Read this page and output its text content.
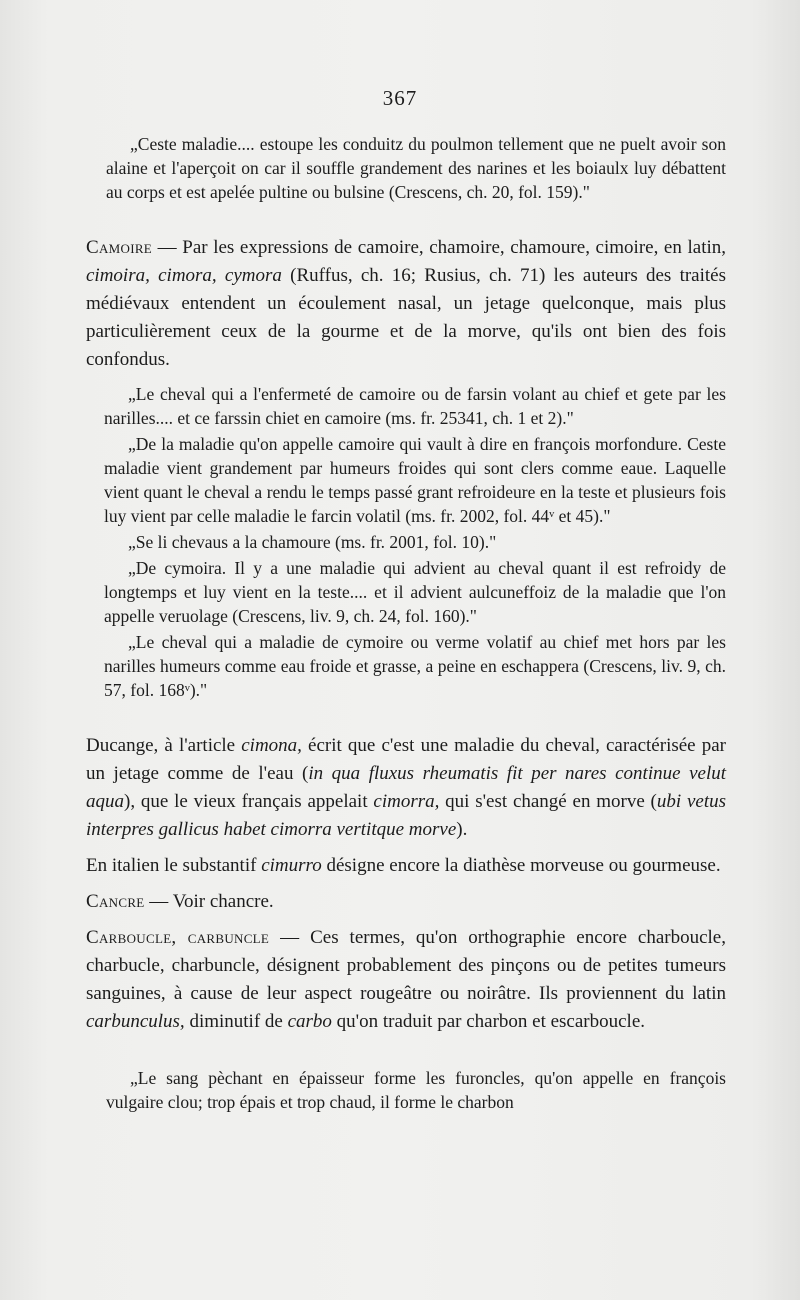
367

„Ceste maladie.... estoupe les conduitz du poulmon tellement que ne puelt avoir son alaine et l'aperçoit on car il souffle grandement des narines et les boiaulx luy débattent au corps et est apelée pultine ou bulsine (Crescens, ch. 20, fol. 159)."

Camoire — Par les expressions de camoire, chamoire, chamoure, cimoire, en latin, cimoira, cimora, cymora (Ruffus, ch. 16; Rusius, ch. 71) les auteurs des traités médiévaux entendent un écoulement nasal, un jetage quelconque, mais plus particulièrement ceux de la gourme et de la morve, qu'ils ont bien des fois confondus.

„Le cheval qui a l'enfermeté de camoire ou de farsin volant au chief et gete par les narilles.... et ce farssin chiet en camoire (ms. fr. 25341, ch. 1 et 2)."

„De la maladie qu'on appelle camoire qui vault à dire en françois morfondure. Ceste maladie vient grandement par humeurs froides qui sont clers comme eaue. Laquelle vient quant le cheval a rendu le temps passé grant refroideure en la teste et plusieurs fois luy vient par celle maladie le farcin volatil (ms. fr. 2002, fol. 44ᵛ et 45)."

„Se li chevaus a la chamoure (ms. fr. 2001, fol. 10)."

„De cymoira. Il y a une maladie qui advient au cheval quant il est refroidy de longtemps et luy vient en la teste.... et il advient aulcuneffoiz de la maladie que l'on appelle veruolage (Crescens, liv. 9, ch. 24, fol. 160)."

„Le cheval qui a maladie de cymoire ou verme volatif au chief met hors par les narilles humeurs comme eau froide et grasse, a peine en eschappera (Crescens, liv. 9, ch. 57, fol. 168ᵛ)."

Ducange, à l'article cimona, écrit que c'est une maladie du cheval, caractérisée par un jetage comme de l'eau (in qua fluxus rheumatis fit per nares continue velut aqua), que le vieux français appelait cimorra, qui s'est changé en morve (ubi vetus interpres gallicus habet cimorra vertitque morve).

En italien le substantif cimurro désigne encore la diathèse morveuse ou gourmeuse.

Cancre — Voir chancre.

Carboucle, carbuncle — Ces termes, qu'on orthographie encore charboucle, charbucle, charbuncle, désignent probablement des pinçons ou de petites tumeurs sanguines, à cause de leur aspect rougeâtre ou noirâtre. Ils proviennent du latin carbunculus, diminutif de carbo qu'on traduit par charbon et escarboucle.

„Le sang pèchant en épaisseur forme les furoncles, qu'on appelle en françois vulgaire clou; trop épais et trop chaud, il forme le charbon
